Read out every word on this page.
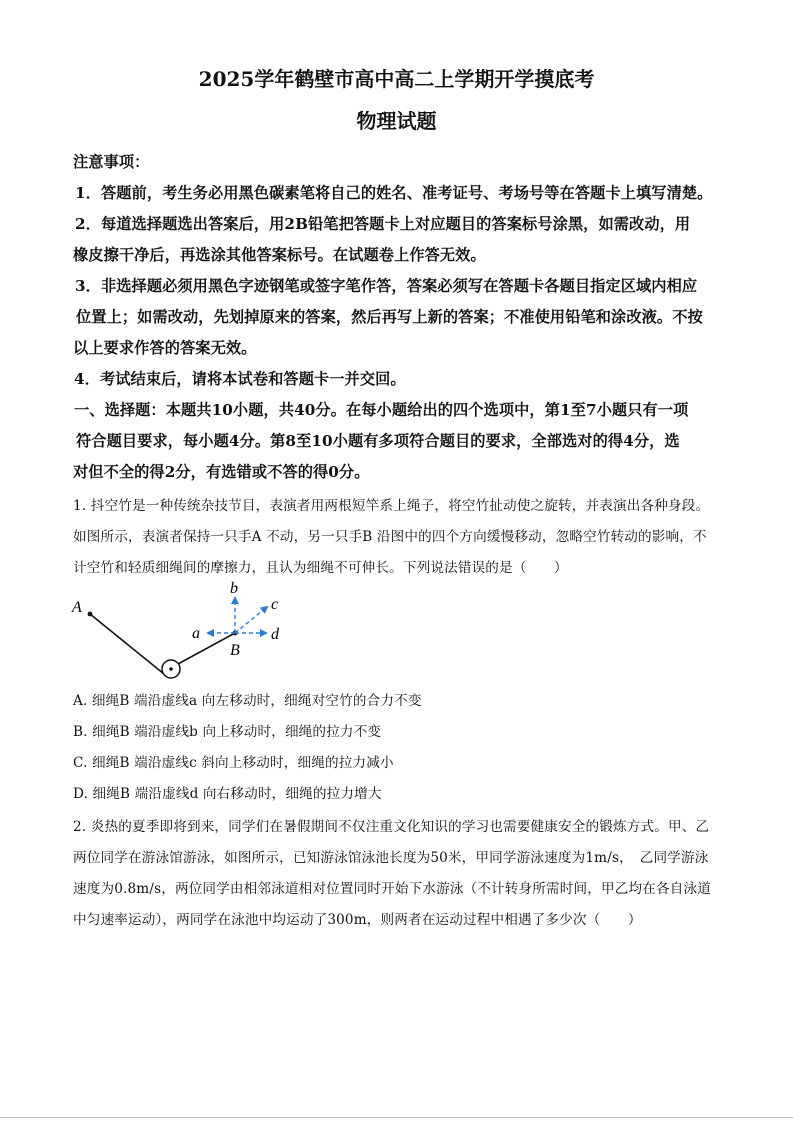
2025学年鹤壁市高中高二上学期开学摸底考
物理试题
注意事项：
1．答题前，考生务必用黑色碳素笔将自己的姓名、准考证号、考场号等在答题卡上填写清楚。
2．每道选择题选出答案后，用2B铅笔把答题卡上对应题目的答案标号涂黑，如需改动，用
橡皮擦干净后，再选涂其他答案标号。在试题卷上作答无效。
3．非选择题必须用黑色字迹钢笔或签字笔作答，答案必须写在答题卡各题目指定区域内相应
位置上；如需改动，先划掉原来的答案，然后再写上新的答案；不准使用铅笔和涂改液。不按
以上要求作答的答案无效。
4．考试结束后，请将本试卷和答题卡一并交回。
一、选择题：本题共10小题，共40分。在每小题给出的四个选项中，第1至7小题只有一项
符合题目要求，每小题4分。第8至10小题有多项符合题目的要求，全部选对的得4分，选
对但不全的得2分，有选错或不答的得0分。
1. 抖空竹是一种传统杂技节目，表演者用两根短竿系上绳子，将空竹扯动使之旋转，并表演出各种身段。
如图所示，表演者保持一只手A 不动，另一只手B 沿图中的四个方向缓慢移动，忽略空竹转动的影响，不
计空竹和轻质细绳间的摩擦力，且认为细绳不可伸长。下列说法错误的是（　　）
A
B
a
b
c
d
A. 细绳B 端沿虚线a 向左移动时，细绳对空竹的合力不变
B. 细绳B 端沿虚线b 向上移动时，细绳的拉力不变
C. 细绳B 端沿虚线c 斜向上移动时，细绳的拉力减小
D. 细绳B 端沿虚线d 向右移动时，细绳的拉力增大
2. 炎热的夏季即将到来，同学们在暑假期间不仅注重文化知识的学习也需要健康安全的锻炼方式。甲、乙
两位同学在游泳馆游泳，如图所示，已知游泳馆泳池长度为50米，甲同学游泳速度为1m/s，　乙同学游泳
速度为0.8m/s，两位同学由相邻泳道相对位置同时开始下水游泳（不计转身所需时间，甲乙均在各自泳道
中匀速率运动），两同学在泳池中均运动了300m，则两者在运动过程中相遇了多少次（　　）
